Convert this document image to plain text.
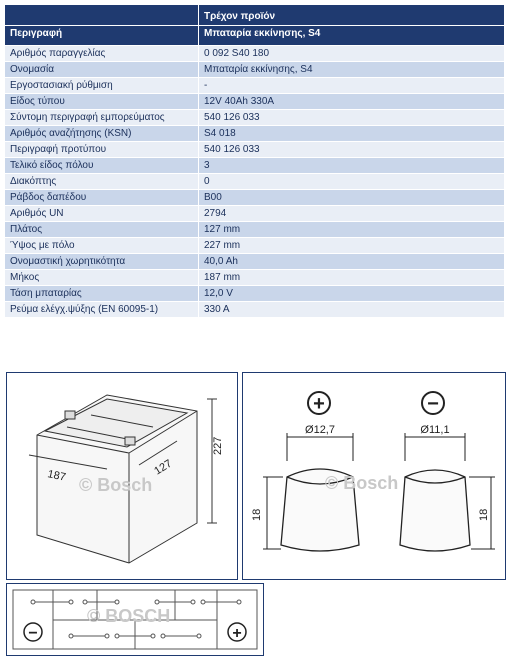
	Τρέχον προϊόν
Περιγραφή	Μπαταρία εκκίνησης, S4
Αριθμός παραγγελίας	0 092 S40 180
Ονομασία	Μπαταρία εκκίνησης, S4
Εργοστασιακή ρύθμιση	-
Είδος τύπου	12V 40Ah 330A
Σύντομη περιγραφή εμπορεύματος	540 126 033
Αριθμός αναζήτησης (KSN)	S4 018
Περιγραφή προτύπου	540 126 033
Τελικό είδος πόλου	3
Διακόπτης	0
Ράβδος δαπέδου	B00
Αριθμός UN	2794
Πλάτος	127 mm
Ύψος με πόλο	227 mm
Ονομαστική χωρητικότητα	40,0 Ah
Μήκος	187 mm
Τάση μπαταρίας	12,0 V
Ρεύμα ελέγχ.ψύξης (EN 60095-1)	330 A
227
187	127
© Bosch
+	−
Ø12,7	Ø11,1
18	18
© Bosch
−	+
© BOSCH
